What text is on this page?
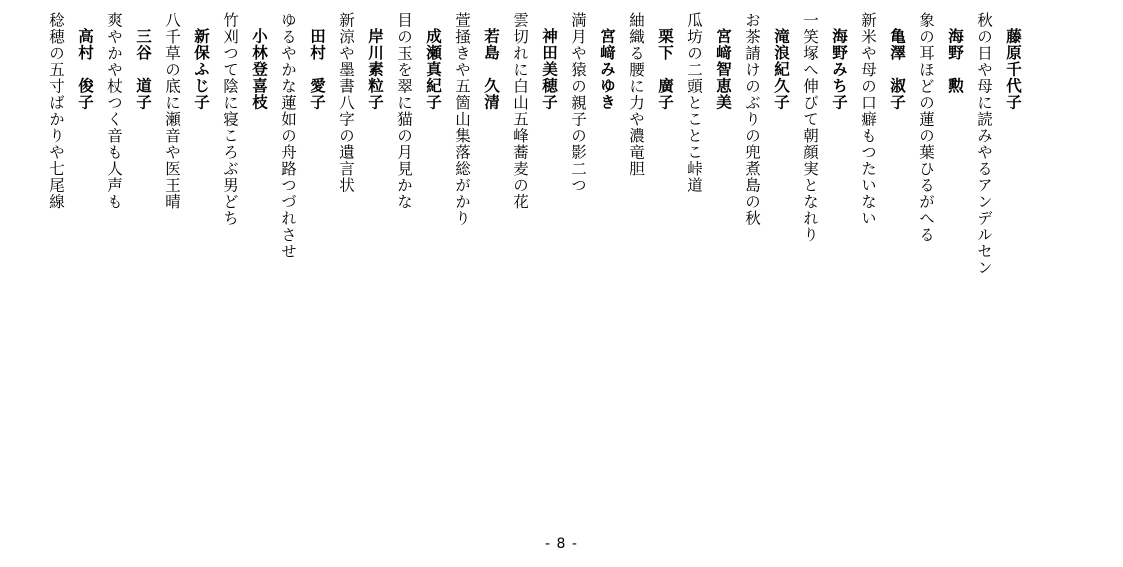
藤原千代子
秋の日や母に読みやるアンデルセン
海野　勲
象の耳ほどの蓮の葉ひるがへる
亀澤　淑子
新米や母の口癖もつたいない
海野みち子
一笑塚へ伸びて朝顔実となれり
滝浪紀久子
お茶請けのぶりの兜煮島の秋
宮﨑智恵美
瓜坊の二頭とことこ峠道
栗下　廣子
紬織る腰に力や濃竜胆
宮﨑みゆき
満月や猿の親子の影二つ
神田美穂子
雲切れに白山五峰蕎麦の花
若島　久清
萱掻きや五箇山集落総がかり
成瀬真紀子
目の玉を翠に猫の月見かな
岸川素粒子
新涼や墨書八字の遺言状
田村　愛子
ゆるやかな蓮如の舟路つづれさせ
小林登喜枝
竹刈つて陰に寝ころぶ男どち
新保ふじ子
八千草の底に瀬音や医王晴
三谷　道子
爽やかや杖つく音も人声も
高村　俊子
稔穂の五寸ばかりや七尾線
- 8 -
